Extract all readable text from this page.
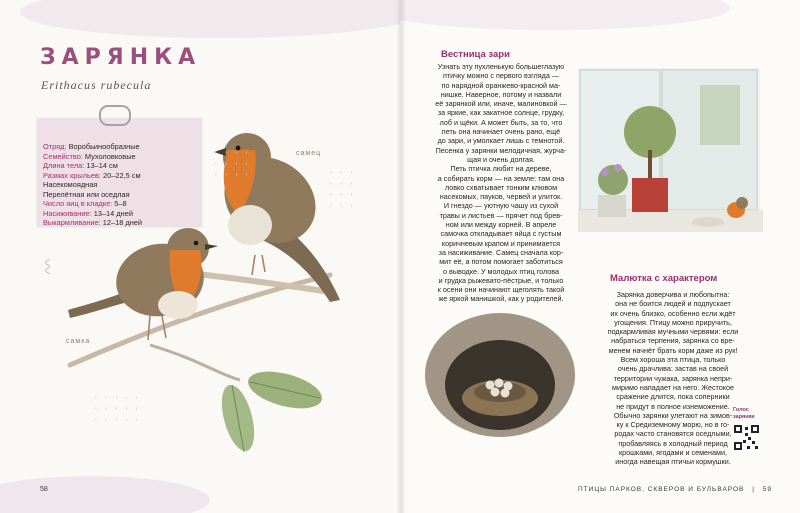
ЗАРЯНКА
Erithacus rubecula
Отряд: Воробьинообразные
Семейство: Мухоловковые
Длина тела: 13–14 см
Размах крыльев: 20–22,5 см
Насекомоядная
Перелётная или оседлая
Число яиц в кладке: 5–8
Насиживание: 13–14 дней
Выкармливание: 12–18 дней
〰
' ' ' '
' ' ' '
' ' ' '	' ' '
' ' '
' ' '
' ' '
' ' ' ' '
' ' ' ' '
' ' ' ' '
самец
самка
58
Вестница зари
Узнать эту пухленькую большеглазую
птичку можно с первого взгляда —
по нарядной оранжево-красной ма-
нишке. Наверное, потому и назвали
её зарянкой или, иначе, малиновкой —
за яркие, как закатное солнце, грудку,
лоб и щёки. А может быть, за то, что
петь она начинает очень рано, ещё
до зари, и умолкает лишь с темнотой.
Песенка у зарянки мелодичная, журча-
щая и очень долгая.
Петь птичка любит на дереве,
а собирать корм — на земле: там она
ловко схватывает тонким клювом
насекомых, пауков, червей и улиток.
И гнездо — уютную чашу из сухой
травы и листьев — прячет под брев-
ном или между корней. В апреле
самочка откладывает яйца с густым
коричневым крапом и принимается
за насиживание. Самец сначала кор-
мит её, а потом помогает заботиться
о выводке. У молодых птиц голова
и грудка рыжевато-пёстрые, и только
к осени они начинают щеголять такой
же яркой манишкой, как у родителей.
Малютка с характером
Зарянка доверчива и любопытна:
она не боится людей и подпускает
их очень близко, особенно если ждёт
угощения. Птицу можно приручить,
подкармливая мучными червями: если
набраться терпения, зарянка со вре-
менем начнёт брать корм даже из рук!
Всем хороша эта птица, только
очень драчлива: застав на своей
территории чужака, зарянка непри-
миримо нападает на него. Жестокое
сражение длится, пока соперники
не придут в полное изнеможение.
Обычно зарянки улетают на зимов-
ку к Средиземному морю, но в го-
родах часто становятся оседлыми,
пробавляясь в холодный период
крошками, ягодами и семенами,
иногда навещая птичьи кормушки.
Голос
зарянки
ПТИЦЫ ПАРКОВ, СКВЕРОВ И БУЛЬВАРОВ | 59
